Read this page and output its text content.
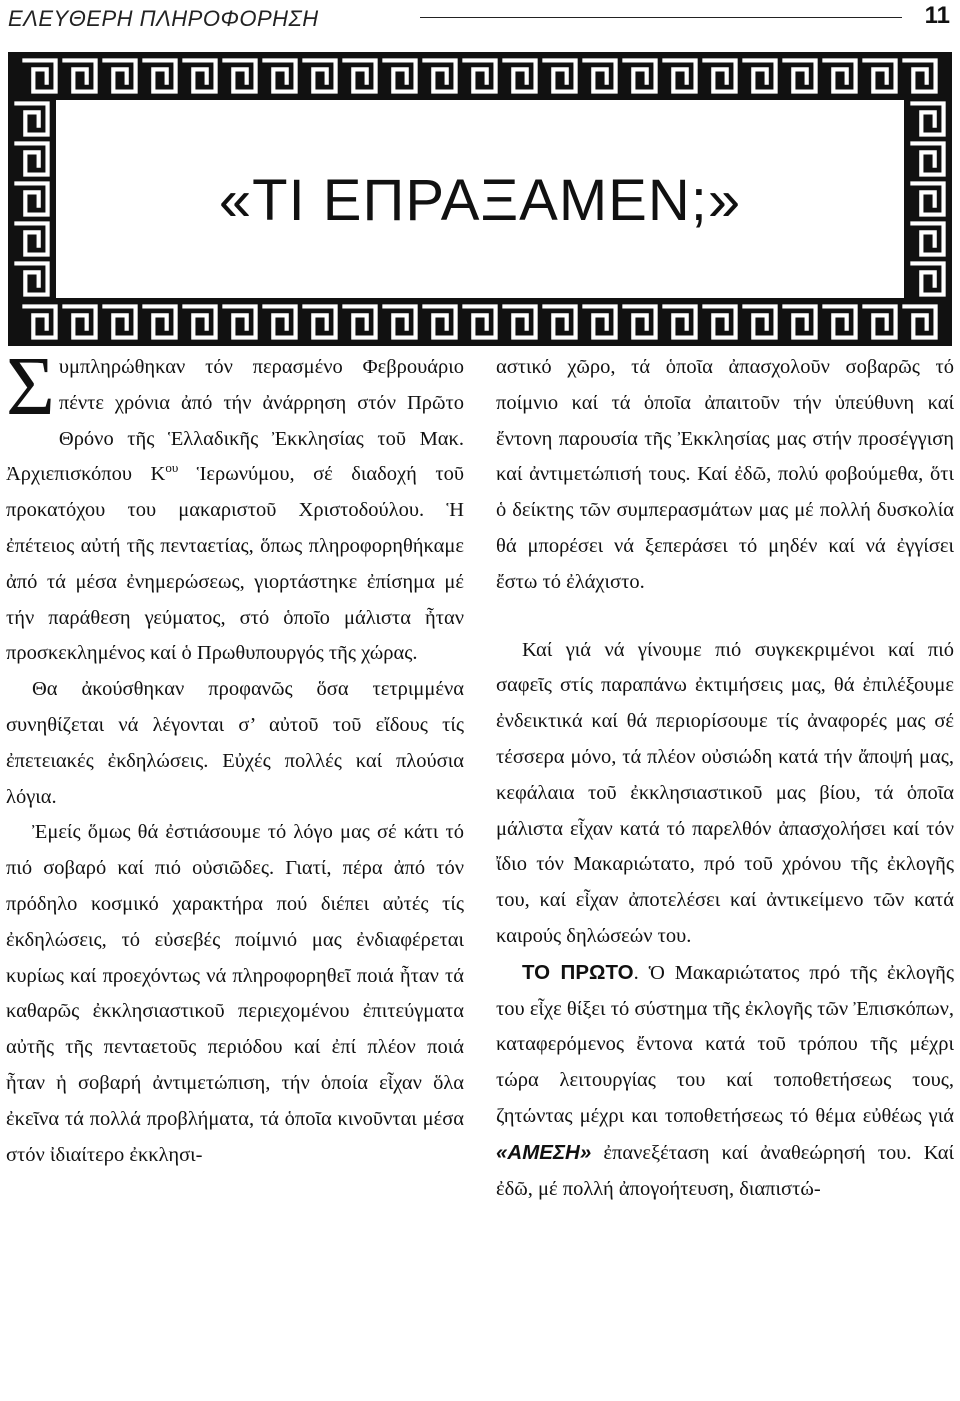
ΕΛΕΥΘΕΡΗ ΠΛΗΡΟΦΟΡΗΣΗ	11
«ΤΙ ΕΠΡΑΞΑΜΕΝ;»

Συμπληρώθηκαν τόν περασμένο Φεβρουάριο πέντε χρόνια ἀπό τήν ἀνάρρηση στόν Πρῶτο Θρόνο τῆς Ἑλλαδικῆς Ἐκκλησίας τοῦ Μακ. Ἀρχιεπισκόπου $K^{o\upsilon}$ Ἱερωνύμου, σέ διαδοχή τοῦ προκατόχου του μακαριστοῦ Χριστοδούλου. Ἡ ἐπέτειος αὐτή τῆς πενταετίας, ὅπως πληροφορηθήκαμε ἀπό τά μέσα ἐνημερώσεως, γιορτάστηκε ἐπίσημα μέ τήν παράθεση γεύματος, στό ὁποῖο μάλιστα ἦταν προσκεκλημένος καί ὁ Πρωθυπουργός τῆς χώρας.

Θα ἀκούσθηκαν προφανῶς ὅσα τετριμμένα συνηθίζεται νά λέγονται σ’ αὐτοῦ τοῦ εἴδους τίς ἐπετειακές ἐκδηλώσεις. Εὐχές πολλές καί πλούσια λόγια.

Ἐμείς ὅμως θά ἐστιάσουμε τό λόγο μας σέ κάτι τό πιό σοβαρό καί πιό οὐσιῶδες. Γιατί, πέρα ἀπό τόν πρόδηλο κοσμικό χαρακτήρα πού διέπει αὐτές τίς ἐκδηλώσεις, τό εὐσεβές ποίμνιό μας ἐνδιαφέρεται κυρίως καί προεχόντως νά πληροφορηθεῖ ποιά ἦταν τά καθαρῶς ἐκκλησιαστικοῦ περιεχομένου ἐπιτεύγματα αὐτῆς τῆς πενταετοῦς περιόδου καί ἐπί πλέον ποιά ἦταν ἡ σοβαρή ἀντιμετώπιση, τήν ὁποία εἶχαν ὅλα ἐκεῖνα τά πολλά προβλήματα, τά ὁποῖα κινοῦνται μέσα στόν ἰδιαίτερο ἐκκλησι-

αστικό χῶρο, τά ὁποῖα ἀπασχολοῦν σοβαρῶς τό ποίμνιο καί τά ὁποῖα ἀπαιτοῦν τήν ὑπεύθυνη καί ἔντονη παρουσία τῆς Ἐκκλησίας μας στήν προσέγγιση καί ἀντιμετώπισή τους. Καί ἐδῶ, πολύ φοβούμεθα, ὅτι ὁ δείκτης τῶν συμπερασμάτων μας μέ πολλή δυσκολία θά μπορέσει νά ξεπεράσει τό μηδέν καί νά ἐγγίσει ἔστω τό ἐλάχιστο.

Καί γιά νά γίνουμε πιό συγκεκριμένοι καί πιό σαφεῖς στίς παραπάνω ἐκτιμήσεις μας, θά ἐπιλέξουμε ἐνδεικτικά καί θά περιορίσουμε τίς ἀναφορές μας σέ τέσσερα μόνο, τά πλέον οὐσιώδη κατά τήν ἄποψή μας, κεφάλαια τοῦ ἐκκλησιαστικοῦ μας βίου, τά ὁποῖα μάλιστα εἶχαν κατά τό παρελθόν ἀπασχολήσει καί τόν ἴδιο τόν Μακαριώτατο, πρό τοῦ χρόνου τῆς ἐκλογῆς του, καί εἶχαν ἀποτελέσει καί ἀντικείμενο τῶν κατά καιρούς δηλώσεών του.

ΤΟ ΠΡΩΤΟ. Ὁ Μακαριώτατος πρό τῆς ἐκλογῆς του εἶχε θίξει τό σύστημα τῆς ἐκλογῆς τῶν Ἐπισκόπων, καταφερόμενος ἔντονα κατά τοῦ τρόπου τῆς μέχρι τώρα λειτουργίας του καί τοποθετήσεως τους, ζητώντας μέχρι και τοποθετήσεως τό θέμα εὐθέως γιά «ΑΜΕΣΗ» ἐπανεξέταση καί ἀναθεώρησή του. Καί ἐδῶ, μέ πολλή ἀπογοήτευση, διαπιστώ-
